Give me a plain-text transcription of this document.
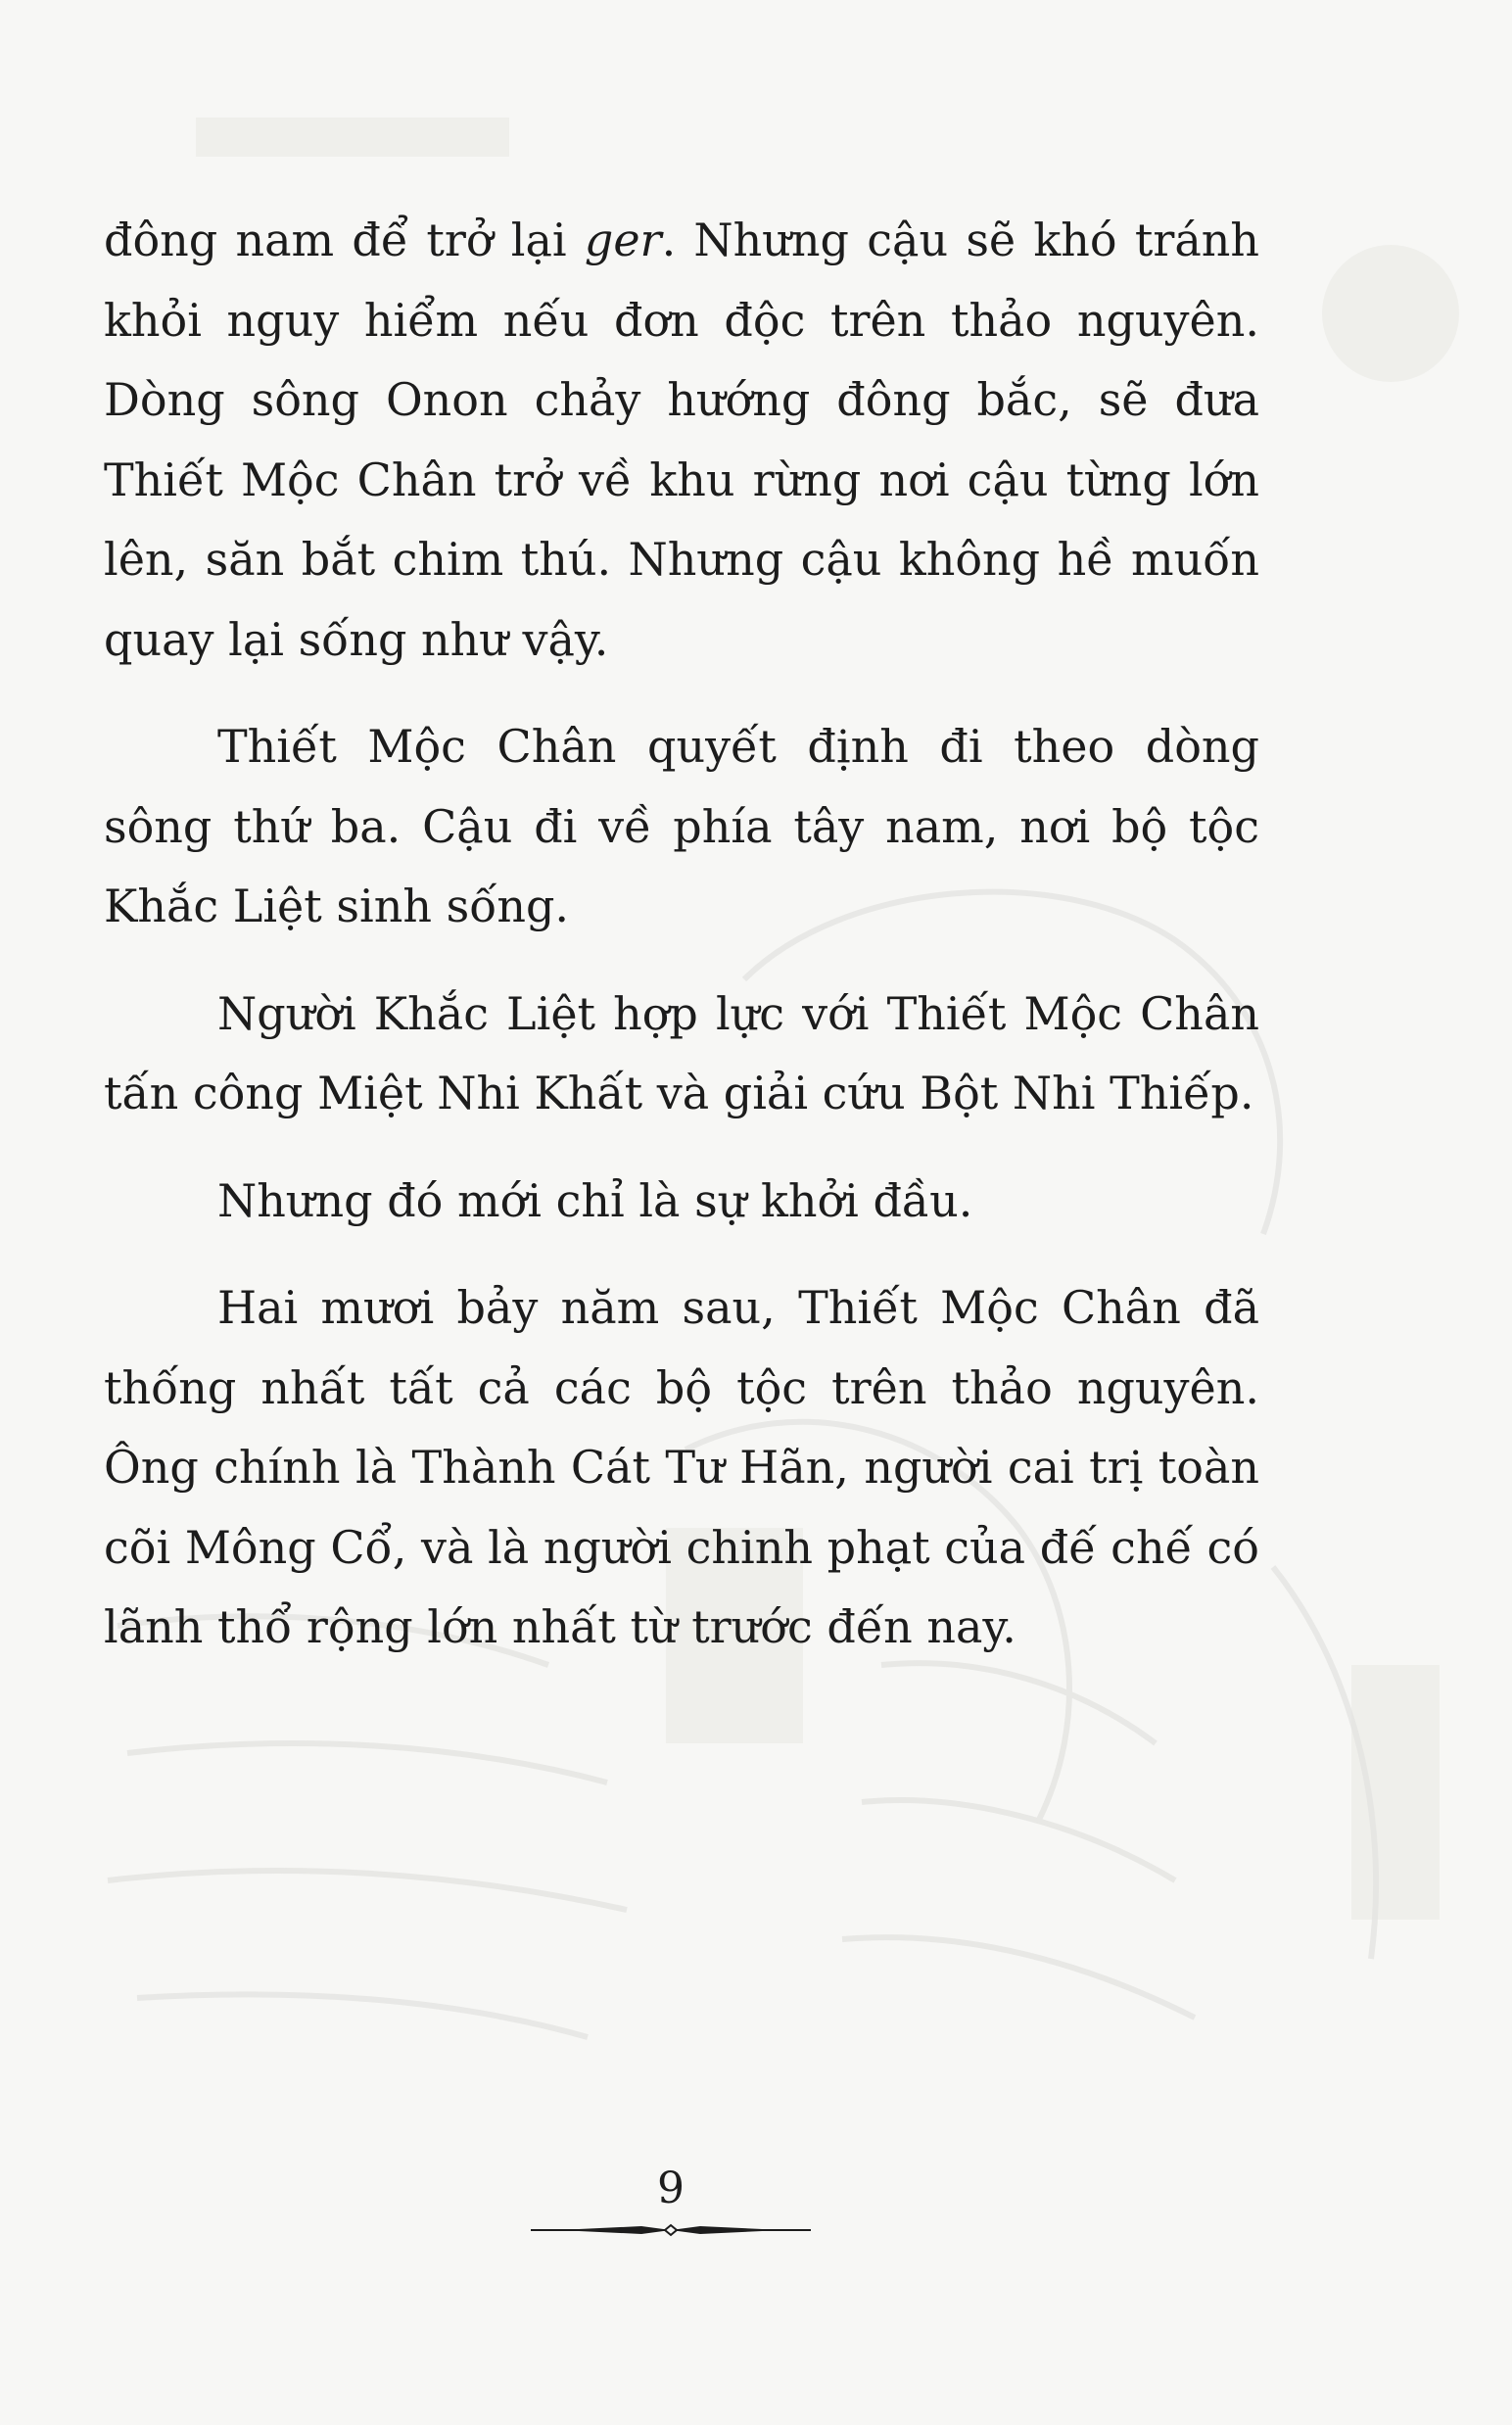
đông nam để trở lại ger. Nhưng cậu sẽ khó tránh khỏi nguy hiểm nếu đơn độc trên thảo nguyên. Dòng sông Onon chảy hướng đông bắc, sẽ đưa Thiết Mộc Chân trở về khu rừng nơi cậu từng lớn lên, săn bắt chim thú. Nhưng cậu không hề muốn quay lại sống như vậy.

Thiết Mộc Chân quyết định đi theo dòng sông thứ ba. Cậu đi về phía tây nam, nơi bộ tộc Khắc Liệt sinh sống.

Người Khắc Liệt hợp lực với Thiết Mộc Chân tấn công Miệt Nhi Khất và giải cứu Bột Nhi Thiếp.

Nhưng đó mới chỉ là sự khởi đầu.

Hai mươi bảy năm sau, Thiết Mộc Chân đã thống nhất tất cả các bộ tộc trên thảo nguyên. Ông chính là Thành Cát Tư Hãn, người cai trị toàn cõi Mông Cổ, và là người chinh phạt của đế chế có lãnh thổ rộng lớn nhất từ trước đến nay.

9
